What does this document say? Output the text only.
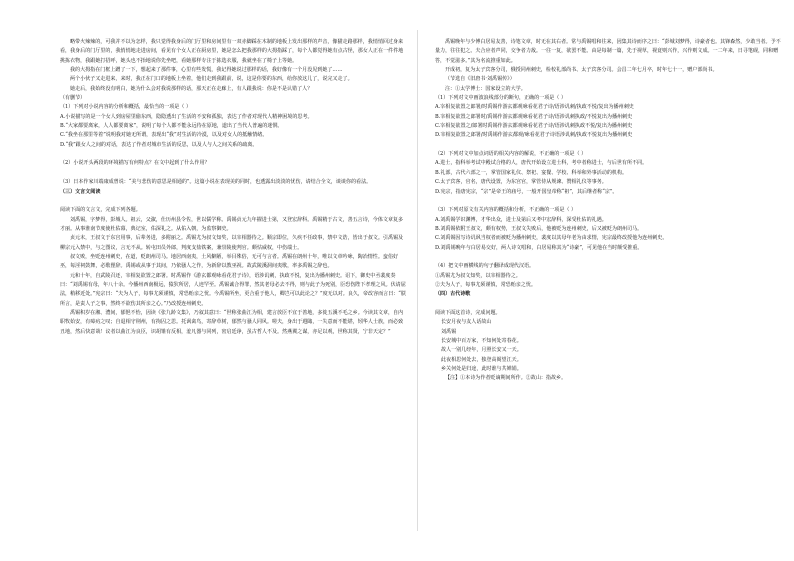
略带火辣辣的，可我并不以为怎样，我只觉得我身后的门厅里和房间里有一双赤脚踩在木制的地板上发出那样的声音，像猫走路那样，我悄悄回过身来看，我身后的门厅里的，我悄悄地走进房间，看见有个女人正在厨房里，她是怎么把我那样的大拇指踩了，每个人都觉得她有点古怪，那女人正在一件件地挑拣衣物，我跟她打招呼，她头也不抬地说你先坐吧，看她那样专注于拣选衣服，我就坐在了椅子上等她。

我的大拇指在门框上蹭了一下，想起来了那件事，心里有些发慌，我记得她说过那样的话，我好像有一个月没见到她了……

两个小伙子又走进来，来时，我正在门口的地板上坐着，他们走到我跟前，说，这是你要的东西，给你放这儿了，说完又走了。

她走后，我始终没有明白，她为什么会对我说那样的话，那天正在走廊上，有人跟我说：你是不是认错了人？

（有删节）

（1）下列对小说内容的分析和概括，最恰当的一项是（ ）

A.小说描写的是一个女人到房屋里偷东西，隐隐透出了生活的不安和孤独，表达了作者对现代人精神困境的思考。

B.“大家都要离家，人人都要离家”，说明了每个人都不能永远待在原地，道出了当代人普遍的迷惘。

C.“我坐在那里等着”说明我对她无所谓，表现出“我”对生活的冷漠，以及对女人的抵触情绪。

D.“我”跟女人之间的对话，表达了作者对城市生活的反思，以及人与人之间关系的疏离。

（2）小说开头两段的环境描写有何特点？在文中起到了什么作用？

（3）日本作家川端康成曾说：“美与悲伤的意思是相通的”。这篇小说在表现美的同时，也透露出淡淡的忧伤，请结合全文，谈谈你的看法。

（三）文言文阅读

阅读下面的文言文，完成下列各题。

刘禹锡，字梦得，彭城人。祖云，父溆，仕历州县令佐，世以儒学称。禹锡贞元九年擢进士第，又登宏辞科。禹锡精于古文，善五言诗，今体文章复多才丽。从事淮南节度使杜佑幕，典记室，佑深礼之。从佑入朝，为监察御史。

贞元末，王叔文于东宫用事，后辈务进，多附丽之。禹锡尤为叔文知奖，以宰相器待之。顺宗即位，久疾不任政事，禁中文诰，皆出于叔文。引禹锡及柳宗元入禁中，与之图议，言无不从。转屯田员外郎，判度支盐铁案，兼崇陵使判官。颇怙威权，中伤端士。

叔文败，坐贬连州刺史，在道，贬朗州司马。地居西南夷，土风僻陋，举目殊俗，无可与言者。禹锡在朗州十年，唯以文章吟咏，陶冶情性。蛮俗好巫，每淫祠鼓舞，必歌俚辞。禹锡或从事于其间，乃依骚人之作，为新辞以教巫祝。故武陵溪洞间夷歌，率多禹锡之辞也。

元和十年，自武陵召还，宰相复欲置之郎署。时禹锡作《游玄都观咏看花君子诗》，语涉讥刺，执政不悦，复出为播州刺史。诏下，御史中丞裴度奏曰：“刘禹锡有母，年八十余。今播州西南极远，猿狖所居，人迹罕至。禹锡诚合得罪，然其老母必去不得，则与此子为死别，臣恐伤陛下孝理之风。伏请屈法，稍移近处。”宪宗曰：“夫为人子，每事尤须谨慎，常恐贻亲之忧。今禹锡所坐，更合重于他人，卿岂可以此论之？”度无以对。良久，帝改容而言曰：“朕所言，是责人子之事，然终不欲伤其所亲之心。”乃改授连州刺史。

禹锡积岁在湘、澧间，郁悒不怡，因读《张九龄文集》，乃叙其意曰：“世称张曲江为相，建言放臣不宜于善地，多徙五溪不毛之乡。今读其文章，自内职牧始安，有瘴疠之叹；自退相守荆州，有拘囚之思。托讽禽鸟，寄辞草树，郁然与骚人同风。嗟夫，身出于遐陬，一失意而不能堪，矧华人士族，而必致丑地，然后快意哉！议者以曲江为良臣，识胡雏有反相，羞凡器与同列，密启廷诤，虽古哲人不及。然燕翼之谋，亦足以观，世称其贤，宁非天定？”

禹锡晚年与少傅白居易友善，诗笔文章，时无在其右者。常与禹锡唱和往来，因集其诗而序之曰：“彭城刘梦得，诗豪者也。其锋森然，少敢当者。予不量力，往往犯之。夫合应者声同，交争者力敌。一往一复，欲罢不能。由是每制一篇，先于视草，视竟则兴作，兴作则文成。一二年来，日寻笔砚，同和赠答，不觉滋多。”其为名流推重如此。

开成初，复为太子宾客分司，俄授同州刺史，检校礼部尚书、太子宾客分司。会昌二年七月卒，时年七十一，赠户部尚书。

（节选自《旧唐书·刘禹锡传》）

注：①太学博士：国家设立的大学。

（1）下列对文中画波浪线部分的断句，正确的一项是（ ）

A.宰相复欲置之郎署/时禹锡作游玄都观咏看花君子诗/语涉讥刺/执政不悦/复出为播州刺史

B.宰相复欲置之郎署时/禹锡作游玄都观咏看花君子诗/语涉讥刺执政/不悦复出为播州刺史

C.宰相复欲置之/郎署时禹锡作游玄都观咏看花君子诗/语涉讥刺执政不悦/复出为播州刺史

D.宰相复欲置之郎署/时禹锡作游玄都观/咏看花君子诗语涉讥刺/执政不悦复出为播州刺史

（2）下列对文中加点词语的相关内容的解说，不正确的一项是（ ）

A.进士，指科举考试中殿试合格的人，唐代开始设立进士科，考中者称进士，与后世有所不同。

B.礼部，古代六部之一，掌管国家礼仪、祭祀、宴餐、学校、科举和外事活动的机构。

C.太子宾客，官名，唐代设置，为东宫官，掌管侍从规谏、赞相礼仪等事务。

D.宪宗，指唐宪宗，“宗”是帝王的庙号，一般开国皇帝称“祖”，其后继者称“宗”。

（3）下列对原文有关内容的概括和分析，不正确的一项是（ ）

A.刘禹锡学识渊博，才华出众，进士及第后又考中宏辞科，深受杜佑的礼遇。

B.刘禹锡依附王叔文，颇有权势，王叔文失败后，他被贬为连州刺史，后又被贬为朗州司马。

C.刘禹锡因写诗讥讽当权者而被贬为播州刺史，裴度以其母年老为由求情，宪宗最终改授他为连州刺史。

D.刘禹锡晚年与白居易交好，两人诗文唱和，白居易称其为“诗豪”，可见他在当时颇受推重。

（4）把文中画横线的句子翻译成现代汉语。

①禹锡尤为叔文知奖，以宰相器待之。

②夫为人子，每事尤须谨慎，常恐贻亲之忧。

（四）古代诗歌

阅读下面这首诗，完成问题。

长安月夜与友人话故山

刘禹锡

长安城中百万家，不知何处寄春花。

故人一别几经年，月照长安又一天。

此夜相思何处去，独登高阁望江天。

乡关何处是归途，此时谁与共婵娟。

【注】①本诗为作者贬谪期间所作。②故山：指故乡。
